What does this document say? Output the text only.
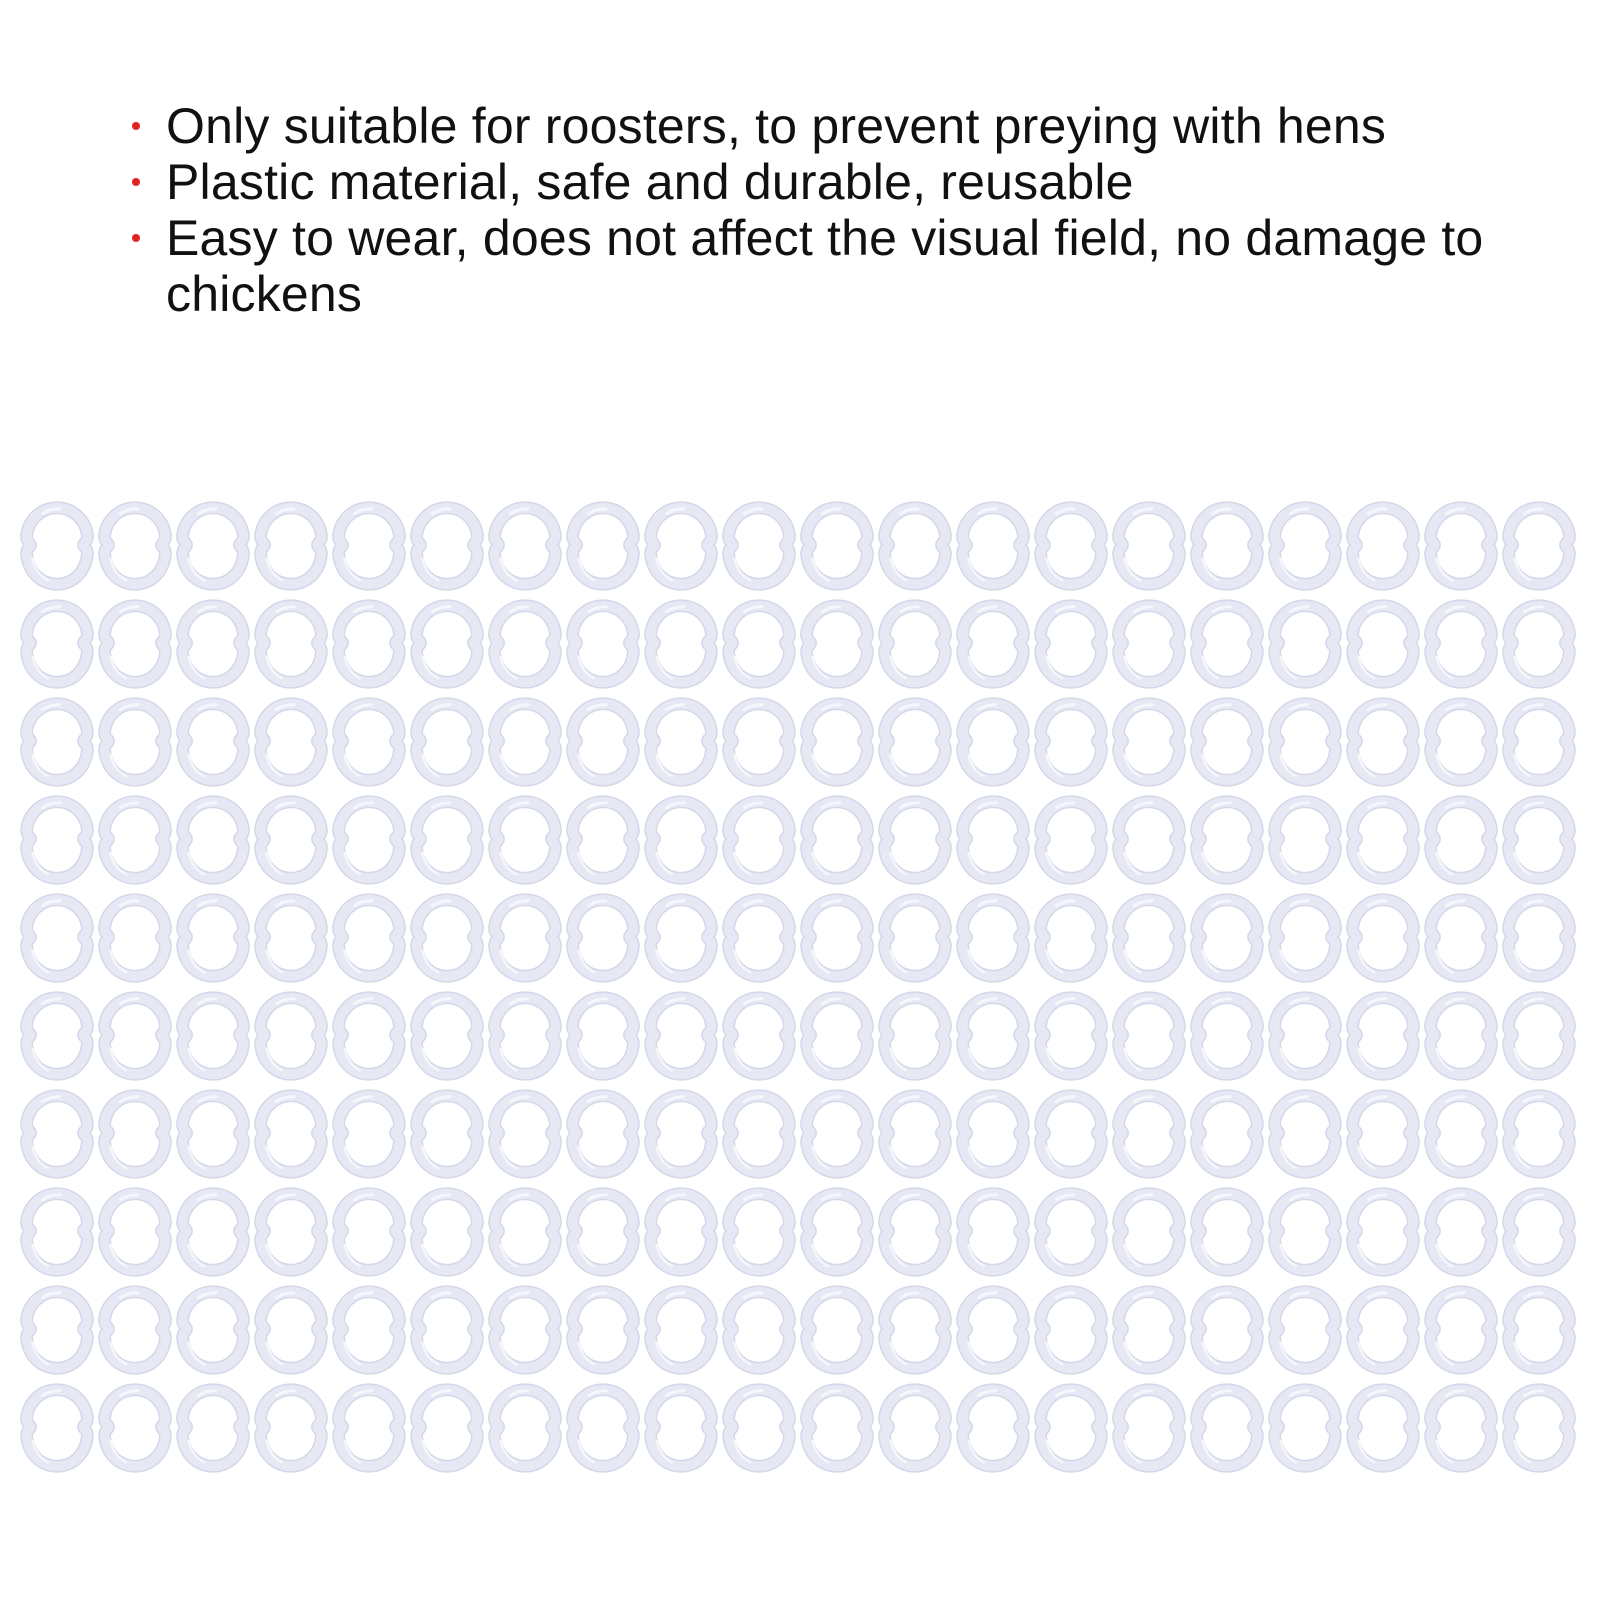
Only suitable for roosters, to prevent preying with hens
Plastic material, safe and durable, reusable
Easy to wear, does not affect the visual field, no damage to chickens
